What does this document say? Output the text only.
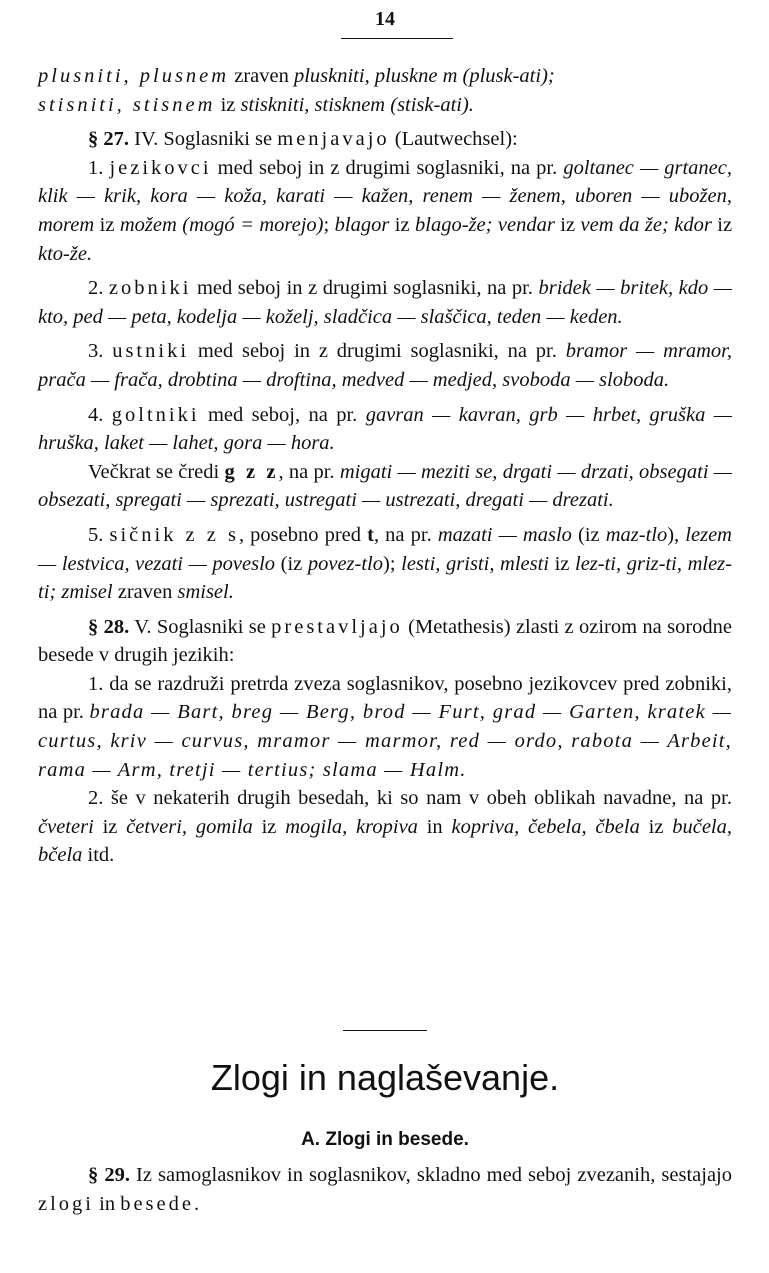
14

plusniti, plusnem zraven pluskniti, pluskne m (plusk-ati);
stisniti, stisnem iz stiskniti, stisknem (stisk-ati).

§ 27. IV. Soglasniki se menjavajo (Lautwechsel):

1. jezikovci med seboj in z drugimi soglasniki, na pr. goltanec — grtanec, klik — krik, kora — koža, karati — kažen, renem — ženem, uboren — ubožen, morem iz možem (mogó = morejo); blagor iz blago-že; vendar iz vem da že; kdor iz kto-že.

2. zobniki med seboj in z drugimi soglasniki, na pr. bridek — britek, kdo — kto, ped — peta, kodelja — koželj, sladčica — slaščica, teden — keden.

3. ustniki med seboj in z drugimi soglasniki, na pr. bramor — mramor, prača — frača, drobtina — droftina, medved — medjed, svoboda — sloboda.

4. goltniki med seboj, na pr. gavran — kavran, grb — hrbet, gruška — hruška, laket — lahet, gora — hora.

Večkrat se čredi g z z, na pr. migati — meziti se, drgati — drzati, obsegati — obsezati, spregati — sprezati, ustregati — ustrezati, dregati — drezati.

5. sičnik z z s, posebno pred t, na pr. mazati — maslo (iz maz-tlo), lezem — lestvica, vezati — poveslo (iz povez-tlo); lesti, gristi, mlesti iz lez-ti, griz-ti, mlez-ti; zmisel zraven smisel.

§ 28. V. Soglasniki se prestavljajo (Metathesis) zlasti z ozirom na sorodne besede v drugih jezikih:

1. da se razdruži pretrda zveza soglasnikov, posebno jezikovcev pred zobniki, na pr. brada — Bart, breg — Berg, brod — Furt, grad — Garten, kratek — curtus, kriv — curvus, mramor — marmor, red — ordo, rabota — Arbeit, rama — Arm, tretji — tertius; slama — Halm.

2. še v nekaterih drugih besedah, ki so nam v obeh oblikah navadne, na pr. čveteri iz četveri, gomila iz mogila, kropiva in kopriva, čebela, čbela iz bučela, bčela itd.

Zlogi in naglaševanje.
A. Zlogi in besede.

§ 29. Iz samoglasnikov in soglasnikov, skladno med seboj zvezanih, sestajajo zlogi in besede.
